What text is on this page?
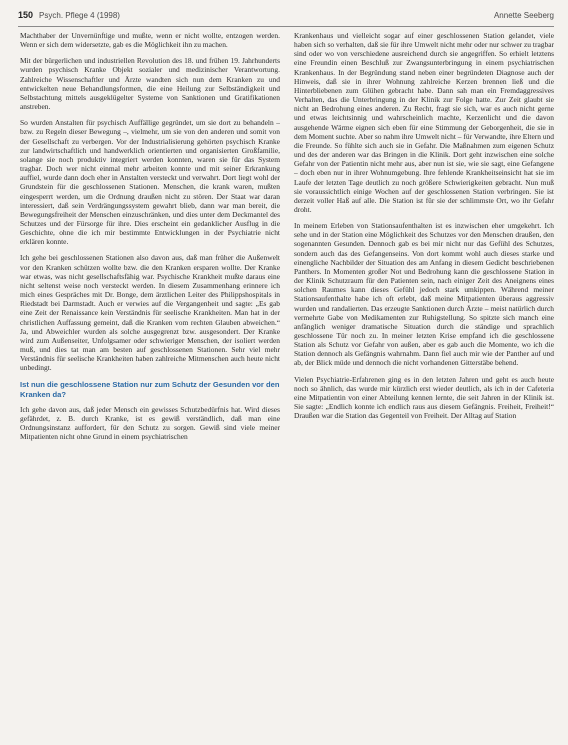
150 Psych. Pflege 4 (1998)	Annette Seeberg

Machthaber der Unvernünftige und mußte, wenn er nicht wollte, entzogen werden. Wenn er sich dem widersetzte, gab es die Möglichkeit ihn zu machen.

Mit der bürgerlichen und industriellen Revolution des 18. und frühen 19. Jahrhunderts wurden psychisch Kranke Objekt sozialer und medizinischer Verantwortung. Zahlreiche Wissenschaftler und Ärzte wandten sich nun dem Kranken zu und entwickelten neue Behandlungsformen, die eine Heilung zur Selbständigkeit und Selbstachtung mittels ausgeklügelter Systeme von Sanktionen und Gratifikationen anstreben.

So wurden Anstalten für psychisch Auffällige gegründet, um sie dort zu behandeln – bzw. zu Regeln dieser Bewegung –, vielmehr, um sie von den anderen und somit von der Gesellschaft zu verbergen. Vor der Industrialisierung gehörten psychisch Kranke zur landwirtschaftlich und handwerklich orientierten und organisierten Großfamilie, solange sie noch produktiv integriert werden konnten, waren sie für das System tragbar. Doch wer nicht einmal mehr arbeiten konnte und mit seiner Erkrankung auffiel, wurde dann doch eher in Anstalten versteckt und verwahrt. Dort liegt wohl der Grundstein für die geschlossenen Stationen. Menschen, die krank waren, mußten eingesperrt werden, um die Ordnung draußen nicht zu stören. Der Staat war daran interessiert, daß sein Verdrängungssystem gewahrt blieb, dann war man bereit, die Bewegungsfreiheit der Menschen einzuschränken, und dies unter dem Deckmantel des Schutzes und der Fürsorge für ihre. Dies erscheint ein gedanklicher Ausflug in die Geschichte, ohne die ich mir bestimmte Entwicklungen in der Psychiatrie nicht erklären konnte.

Ich gehe bei geschlossenen Stationen also davon aus, daß man früher die Außenwelt vor den Kranken schützen wollte bzw. die den Kranken ersparen wollte. Der Kranke war etwas, was nicht gesellschaftsfähig war. Psychische Krankheit mußte daraus eine nicht seltenst weise noch versteckt werden. In diesem Zusammenhang erinnere ich mich eines Gespräches mit Dr. Bonge, dem ärztlichen Leiter des Philippshospitals in Riedstadt bei Darmstadt. Auch er verwies auf die Vergangenheit und sagte: „Es gab eine Zeit der Renaissance kein Verständnis für seelische Krankheiten. Man hat in der christlichen Auffassung gemeint, daß die Kranken vom rechten Glauben abweichen.“ Ja, und Abweichler wurden als solche ausgegrenzt bzw. ausgesondert. Der Kranke wird zum Außenseiter, Unfolgsamer oder schwieriger Menschen, der isoliert werden muß, und dies tat man am besten auf geschlossenen Stationen. Sehr viel mehr Verständnis für seelische Krankheiten haben zahlreiche Mitmenschen auch heute nicht unbedingt.

Ist nun die geschlossene Station nur zum Schutz der Gesunden vor den Kranken da?

Ich gehe davon aus, daß jeder Mensch ein gewisses Schutzbedürfnis hat. Wird dieses gefährdet, z. B. durch Kranke, ist es gewiß verständlich, daß man eine Ordnungsinstanz auffordert, für den Schutz zu sorgen. Gewiß sind viele meiner Mitpatienten nicht ohne Grund in einem psychiatrischen

Krankenhaus und vielleicht sogar auf einer geschlossenen Station gelandet, viele haben sich so verhalten, daß sie für ihre Umwelt nicht mehr oder nur schwer zu tragbar sind oder wo von verschiedene ausreichend durch sie angegriffen. So erhielt letztens eine Freundin einen Beschluß zur Zwangsunterbringung in einem psychiatrischen Krankenhaus. In der Begründung stand neben einer begründeten Diagnose auch der Hinweis, daß sie in ihrer Wohnung zahlreiche Kerzen brennen ließ und die Hinterbliebenen zum Glühen gebracht habe. Dann sah man ein Fremdaggressives Verhalten, das die Unterbringung in der Klinik zur Folge hatte. Zur Zeit glaubt sie nicht an Bedrohung eines anderen. Zu Recht, fragt sie sich, war es auch nicht gerne und etwas leichtsinnig und wahrscheinlich machte, Kerzenlicht und die davon ausgehende Wärme eignen sich eben für eine Stimmung der Geborgenheit, die sie in dem Moment suchte. Aber so nahm ihre Umwelt nicht – für Verwandte, ihre Eltern und die Freunde. So fühlte sich auch sie in Gefahr. Die Maßnahmen zum eigenen Schutz und des der anderen war das Bringen in die Klinik. Dort geht inzwischen eine solche Gefahr von der Patientin nicht mehr aus, aber nun ist sie, wie sie sagt, eine Gefangene – doch eben nur in ihrer Wohnumgebung. Ihre fehlende Krankheitseinsicht hat sie im Laufe der letzten Tage deutlich zu noch größere Schwierigkeiten gebracht. Nun muß sie voraussichtlich einige Wochen auf der geschlossenen Station verbringen. Sie ist derzeit voller Haß auf alle. Die Station ist für sie der schlimmste Ort, wo ihr Gefahr droht.

In meinem Erleben von Stationsaufenthalten ist es inzwischen eher umgekehrt. Ich sehe und in der Station eine Möglichkeit des Schutzes vor den Menschen draußen, den sogenannten Gesunden. Dennoch gab es bei mir nicht nur das Gefühl des Schutzes, sondern auch das des Gefangenseins. Von dort kommt wohl auch dieses starke und einengliche Nachbilder der Situation des am Anfang in diesem Gedicht beschriebenen Panthers. In Momenten großer Not und Bedrohung kann die geschlossene Station in der Klinik Schutzraum für den Patienten sein, nach einiger Zeit des Aneignens eines solchen Raumes kann dieses Gefühl jedoch stark umkippen. Während meiner Stationsaufenthalte habe ich oft erlebt, daß meine Mitpatienten überaus aggressiv wurden und randalierten. Das erzeugte Sanktionen durch Ärzte – meist natürlich durch vermehrte Gabe von Medikamenten zur Ruhigstellung. So spitzte sich manch eine anfänglich weniger dramatische Situation durch die ständige und sprachlich geschlossene Tür noch zu. In meiner letzten Krise empfand ich die geschlossene Station als Schutz vor Gefahr von außen, aber es gab auch die Momente, wo ich die Station dennoch als Gefängnis wahrnahm. Dann fiel auch mir wie der Panther auf und ab, der Blick müde und dennoch die nicht vorhandenen Gitterstäbe behend.

Vielen Psychiatrie-Erfahrenen ging es in den letzten Jahren und geht es auch heute noch so ähnlich, das wurde mir kürzlich erst wieder deutlich, als ich in der Cafeteria eine Mitpatientin von einer Abteilung kennen lernte, die seit Jahren in der Klinik ist. Sie sagte: „Endlich konnte ich endlich raus aus diesem Gefängnis. Freiheit, Freiheit!“ Draußen war die Station das Gegenteil von Freiheit. Der Alltag auf Station
